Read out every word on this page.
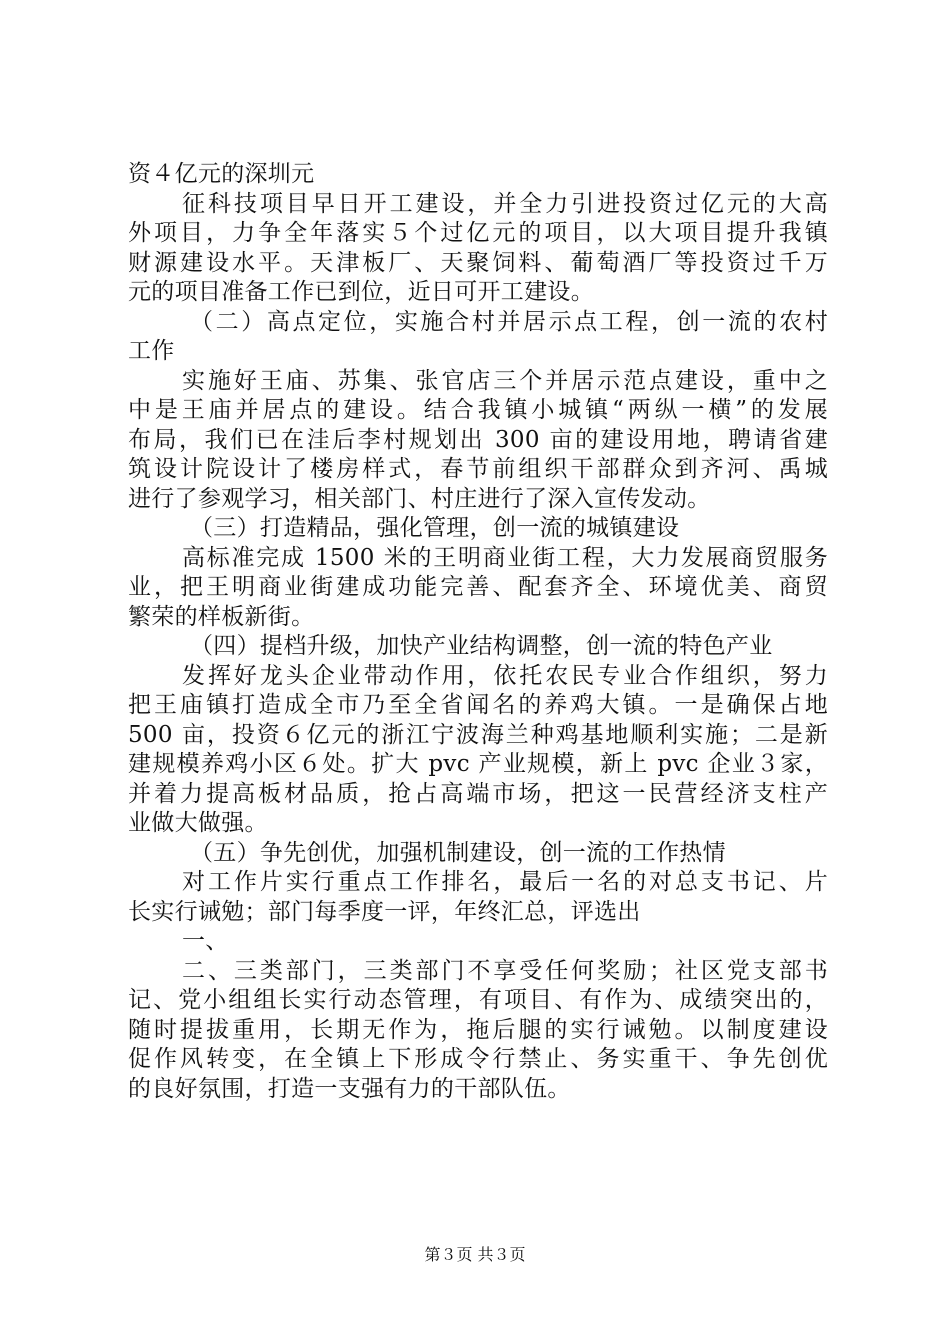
资４亿元的深圳元
征科技项目早日开工建设，并全力引进投资过亿元的大高
外项目，力争全年落实５个过亿元的项目，以大项目提升我镇
财源建设水平。天津板厂、天聚饲料、葡萄酒厂等投资过千万
元的项目准备工作已到位，近日可开工建设。
（二）高点定位，实施合村并居示点工程，创一流的农村
工作
实施好王庙、苏集、张官店三个并居示范点建设，重中之
中是王庙并居点的建设。结合我镇小城镇“两纵一横”的发展
布局，我们已在洼后李村规划出 300 亩的建设用地，聘请省建
筑设计院设计了楼房样式，春节前组织干部群众到齐河、禹城
进行了参观学习，相关部门、村庄进行了深入宣传发动。
（三）打造精品，强化管理，创一流的城镇建设
高标准完成 1500 米的王明商业街工程，大力发展商贸服务
业，把王明商业街建成功能完善、配套齐全、环境优美、商贸
繁荣的样板新街。
（四）提档升级，加快产业结构调整，创一流的特色产业
发挥好龙头企业带动作用，依托农民专业合作组织，努力
把王庙镇打造成全市乃至全省闻名的养鸡大镇。一是确保占地
500 亩，投资６亿元的浙江宁波海兰种鸡基地顺利实施；二是新
建规模养鸡小区６处。扩大 pvc 产业规模，新上 pvc 企业３家，
并着力提高板材品质，抢占高端市场，把这一民营经济支柱产
业做大做强。
（五）争先创优，加强机制建设，创一流的工作热情
对工作片实行重点工作排名，最后一名的对总支书记、片
长实行诫勉；部门每季度一评，年终汇总，评选出
一、
二、三类部门，三类部门不享受任何奖励；社区党支部书
记、党小组组长实行动态管理，有项目、有作为、成绩突出的，
随时提拔重用，长期无作为，拖后腿的实行诫勉。以制度建设
促作风转变，在全镇上下形成令行禁止、务实重干、争先创优
的良好氛围，打造一支强有力的干部队伍。
第３页 共３页
